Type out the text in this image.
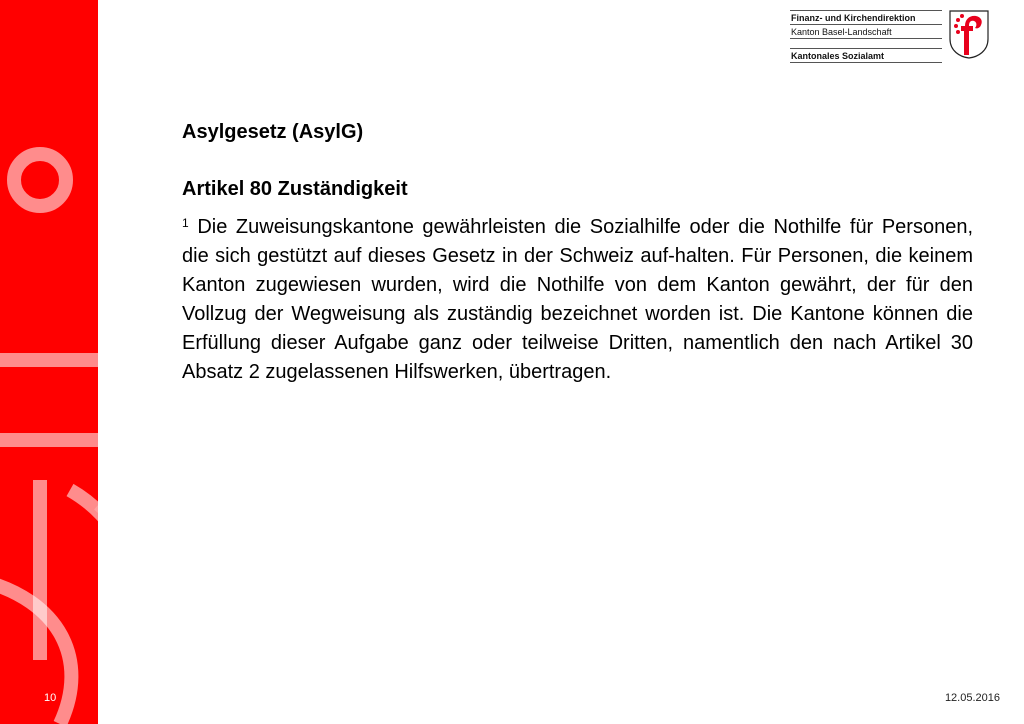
Finanz- und Kirchendirektion
Kanton Basel-Landschaft
Kantonales Sozialamt
Asylgesetz (AsylG)
Artikel 80 Zuständigkeit

$^1$ Die Zuweisungskantone gewährleisten die Sozialhilfe oder die Nothilfe für Personen, die sich gestützt auf dieses Gesetz in der Schweiz auf-halten. Für Personen, die keinem Kanton zugewiesen wurden, wird die Nothilfe von dem Kanton gewährt, der für den Vollzug der Wegweisung als zuständig bezeichnet worden ist. Die Kantone können die Erfüllung dieser Aufgabe ganz oder teilweise Dritten, namentlich den nach Artikel 30 Absatz 2 zugelassenen Hilfswerken, übertragen.

10	12.05.2016
